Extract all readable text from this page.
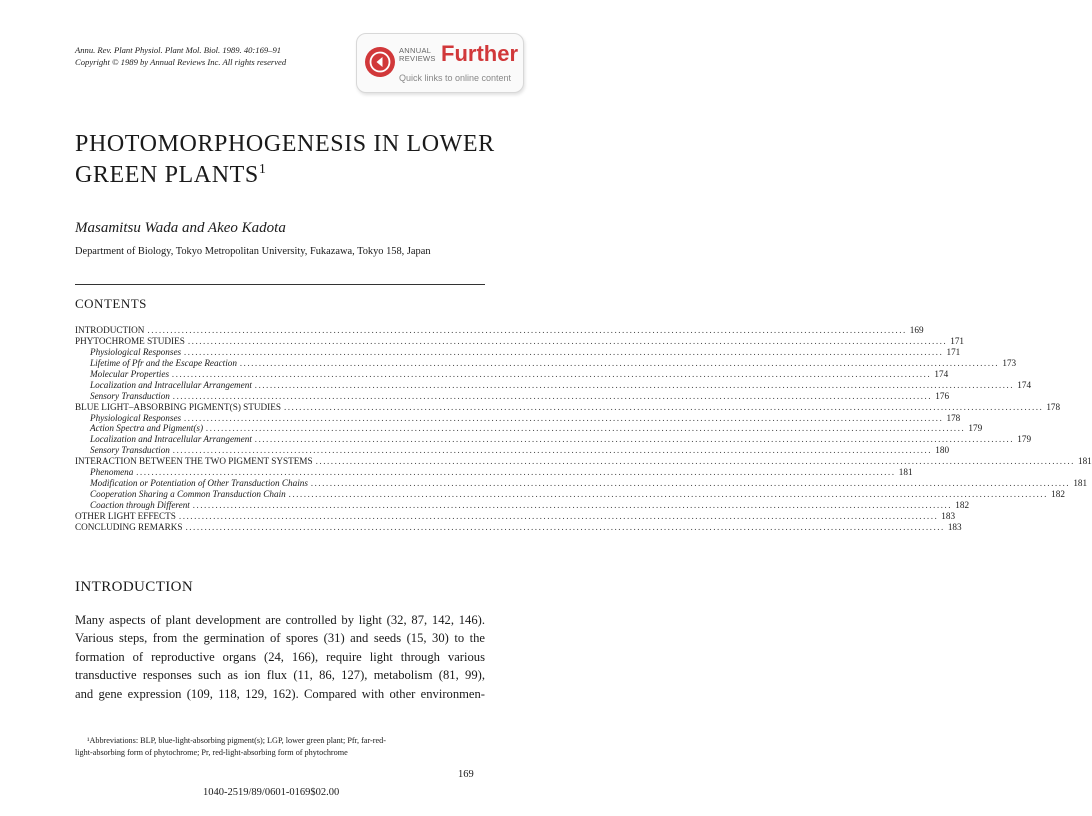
Annu. Rev. Plant Physiol. Plant Mol. Biol. 1989. 40:169–91
Copyright © 1989 by Annual Reviews Inc. All rights reserved
ANNUAL
REVIEWS Further
Quick links to online content
PHOTOMORPHOGENESIS IN LOWER
GREEN PLANTS$^1$
Masamitsu Wada and Akeo Kadota
Department of Biology, Tokyo Metropolitan University, Fukazawa, Tokyo 158, Japan
CONTENTS
INTRODUCTION ........................................................................................................................................................................................................ 169
PHYTOCHROME STUDIES ........................................................................................................................................................................................................ 171
Physiological Responses ........................................................................................................................................................................................................ 171
Lifetime of Pfr and the Escape Reaction ........................................................................................................................................................................................................ 173
Molecular Properties ........................................................................................................................................................................................................ 174
Localization and Intracellular Arrangement ........................................................................................................................................................................................................ 174
Sensory Transduction ........................................................................................................................................................................................................ 176
BLUE LIGHT–ABSORBING PIGMENT(S) STUDIES ........................................................................................................................................................................................................ 178
Physiological Responses ........................................................................................................................................................................................................ 178
Action Spectra and Pigment(s) ........................................................................................................................................................................................................ 179
Localization and Intracellular Arrangement ........................................................................................................................................................................................................ 179
Sensory Transduction ........................................................................................................................................................................................................ 180
INTERACTION BETWEEN THE TWO PIGMENT SYSTEMS ........................................................................................................................................................................................................ 181
Phenomena ........................................................................................................................................................................................................ 181
Modification or Potentiation of Other Transduction Chains ........................................................................................................................................................................................................ 181
Cooperation Sharing a Common Transduction Chain ........................................................................................................................................................................................................ 182
Coaction through Different ........................................................................................................................................................................................................ 182
OTHER LIGHT EFFECTS ........................................................................................................................................................................................................ 183
CONCLUDING REMARKS ........................................................................................................................................................................................................ 183
INTRODUCTION
Many aspects of plant development are controlled by light (32, 87, 142, 146).
Various steps, from the germination of spores (31) and seeds (15, 30) to the
formation of reproductive organs (24, 166), require light through various
transductive responses such as ion flux (11, 86, 127), metabolism (81, 99),
and gene expression (109, 118, 129, 162). Compared with other environmen-
¹Abbreviations: BLP, blue-light-absorbing pigment(s); LGP, lower green plant; Pfr, far-red-
light-absorbing form of phytochrome; Pr, red-light-absorbing form of phytochrome
169
1040-2519/89/0601-0169$02.00
